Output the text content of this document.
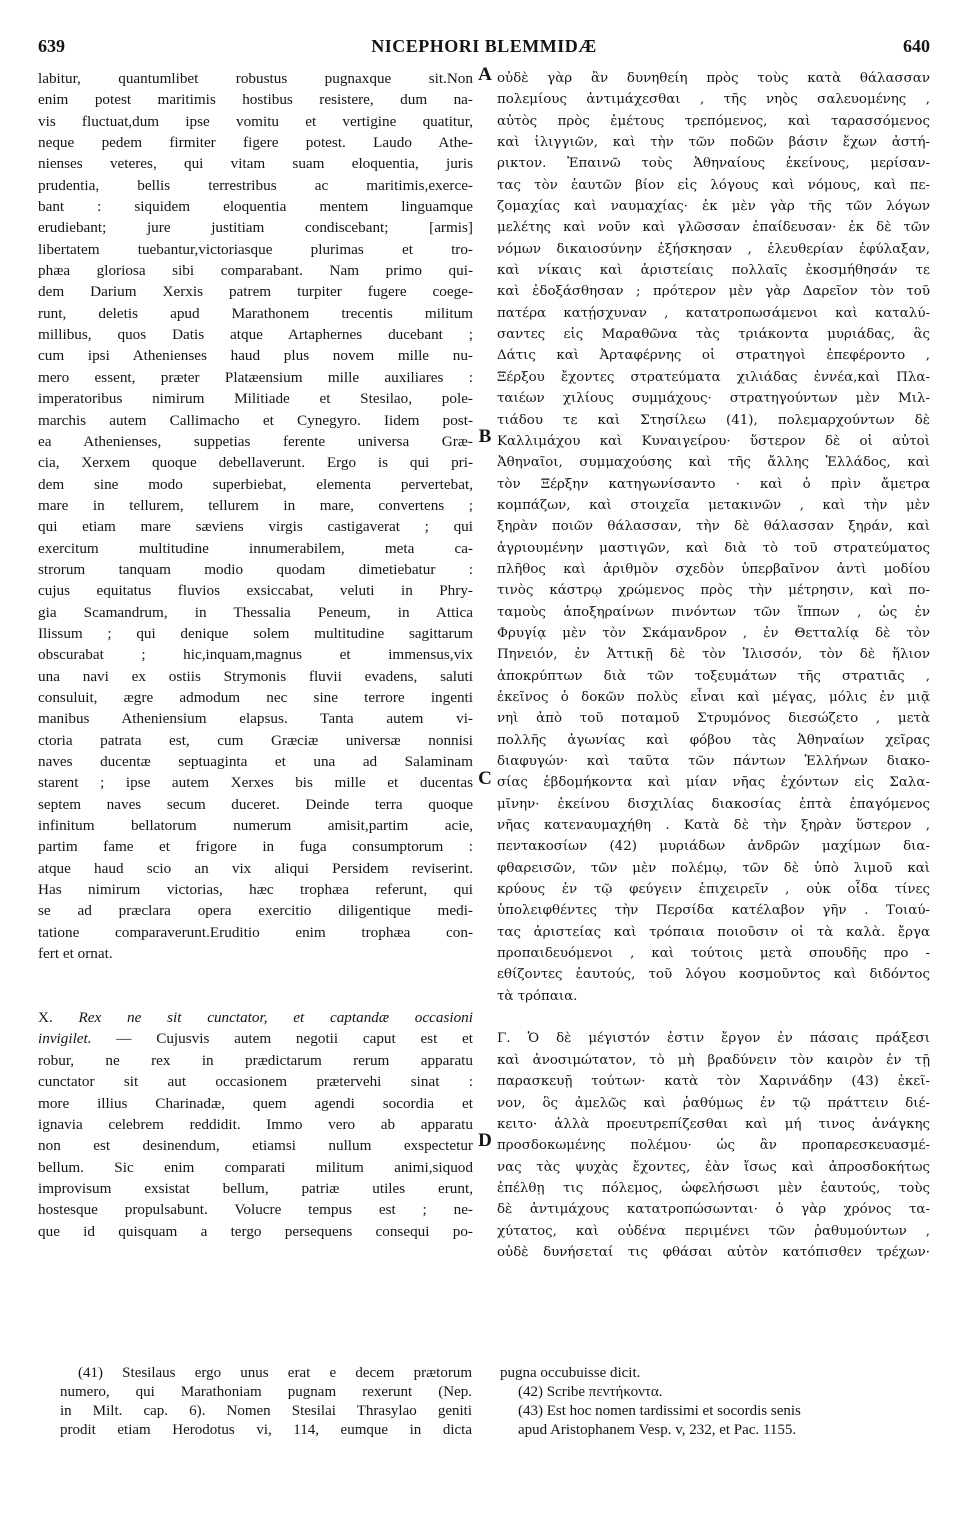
639	NICEPHORI BLEMMIDÆ	640
A
B
C
D
labitur, quantumlibet robustus pugnaxque sit.Non
enim potest maritimis hostibus resistere, dum na-
vis fluctuat,dum ipse vomitu et vertigine quatitur,
neque pedem firmiter figere potest. Laudo Athe-
nienses veteres, qui vitam suam eloquentia, juris
prudentia, bellis terrestribus ac maritimis,exerce-
bant : siquidem eloquentia mentem linguamque
erudiebant; jure justitiam condiscebant; [armis]
libertatem tuebantur,victoriasque plurimas et tro-
phæa gloriosa sibi comparabant. Nam primo qui-
dem Darium Xerxis patrem turpiter fugere coege-
runt, deletis apud Marathonem trecentis militum
millibus, quos Datis atque Artaphernes ducebant ;
cum ipsi Athenienses haud plus novem mille nu-
mero essent, præter Platæensium mille auxiliares :
imperatoribus nimirum Militiade et Stesilao, pole-
marchis autem Callimacho et Cynegyro. Iidem post-
ea Athenienses, suppetias ferente universa Græ-
cia, Xerxem quoque debellaverunt. Ergo is qui pri-
dem sine modo superbiebat, elementa pervertebat,
mare in tellurem, tellurem in mare, convertens ;
qui etiam mare sæviens virgis castigaverat ; qui
exercitum multitudine innumerabilem, meta ca-
strorum tanquam modio quodam dimetiebatur :
cujus equitatus fluvios exsiccabat, veluti in Phry-
gia Scamandrum, in Thessalia Peneum, in Attica
Ilissum ; qui denique solem multitudine sagittarum
obscurabat ; hic,inquam,magnus et immensus,vix
una navi ex ostiis Strymonis fluvii evadens, saluti
consuluit, ægre admodum nec sine terrore ingenti
manibus Atheniensium elapsus. Tanta autem vi-
ctoria patrata est, cum Græciæ universæ nonnisi
naves ducentæ septuaginta et una ad Salaminam
starent ; ipse autem Xerxes bis mille et ducentas
septem naves secum duceret. Deinde terra quoque
infinitum bellatorum numerum amisit,partim acie,
partim fame et frigore in fuga consumptorum :
atque haud scio an vix aliqui Persidem reviserint.
Has nimirum victorias, hæc trophæa referunt, qui
se ad præclara opera exercitio diligentique medi-
tatione comparaverunt.Eruditio enim trophæa con-
fert et ornat.
X. Rex ne sit cunctator, et captandæ occasioni
invigilet. — Cujusvis autem negotii caput est et
robur, ne rex in prædictarum rerum apparatu
cunctator sit aut occasionem prætervehi sinat :
more illius Charinadæ, quem agendi socordia et
ignavia celebrem reddidit. Immo vero ab apparatu
non est desinendum, etiamsi nullum exspectetur
bellum. Sic enim comparati militum animi,siquod
improvisum exsistat bellum, patriæ utiles erunt,
hostesque propulsabunt. Volucre tempus est ; ne-
que id quisquam a tergo persequens consequi po-
οὐδὲ γὰρ ἂν δυνηθείη πρὸς τοὺς κατὰ θάλασσαν
πολεμίους ἀντιμάχεσθαι , τῆς νηὸς σαλευομένης ,
αὐτὸς πρὸς ἐμέτους τρεπόμενος, καὶ ταρασσόμενος
καὶ ἰλιγγιῶν, καὶ τὴν τῶν ποδῶν βάσιν ἔχων ἀστή-
ρικτον. Ἐπαινῶ τοὺς Ἀθηναίους ἐκείνους, μερίσαν-
τας τὸν ἑαυτῶν βίον εἰς λόγους καὶ νόμους, καὶ πε-
ζομαχίας καὶ ναυμαχίας· ἐκ μὲν γὰρ τῆς τῶν λόγων
μελέτης καὶ νοῦν καὶ γλῶσσαν ἐπαίδευσαν· ἐκ δὲ τῶν
νόμων δικαιοσύνην ἐξήσκησαν , ἐλευθερίαν ἐφύλαξαν,
καὶ νίκαις καὶ ἀριστείαις πολλαῖς ἐκοσμήθησάν τε
καὶ ἐδοξάσθησαν ; πρότερον μὲν γὰρ Δαρεῖον τὸν τοῦ
πατέρα κατῄσχυναν , κατατροπωσάμενοι καὶ καταλύ-
σαντες εἰς Μαραθῶνα τὰς τριάκοντα μυριάδας, ἃς
Δάτις καὶ Ἀρταφέρνης οἱ στρατηγοὶ ἐπεφέροντο ,
Ξέρξου ἔχοντες στρατεύματα χιλιάδας ἐννέα,καὶ Πλα-
ταιέων χιλίους συμμάχους· στρατηγούντων μὲν Μιλ-
τιάδου τε καὶ Στησίλεω (41), πολεμαρχούντων δὲ
Καλλιμάχου καὶ Κυναιγείρου· ὕστερον δὲ οἱ αὐτοὶ
Ἀθηναῖοι, συμμαχούσης καὶ τῆς ἄλλης Ἑλλάδος, καὶ
τὸν Ξέρξην κατηγωνίσαντο · καὶ ὁ πρὶν ἄμετρα
κομπάζων, καὶ στοιχεῖα μετακινῶν , καὶ τὴν μὲν
ξηρὰν ποιῶν θάλασσαν, τὴν δὲ θάλασσαν ξηράν, καὶ
ἀγριουμένην μαστιγῶν, καὶ διὰ τὸ τοῦ στρατεύματος
πλῆθος καὶ ἀριθμὸν σχεδὸν ὑπερβαῖνον ἀντὶ μοδίου
τινὸς κάστρῳ χρώμενος πρὸς τὴν μέτρησιν, καὶ πο-
ταμοὺς ἀποξηραίνων πινόντων τῶν ἵππων , ὡς ἐν
Φρυγίᾳ μὲν τὸν Σκάμανδρον , ἐν Θετταλίᾳ δὲ τὸν
Πηνειόν, ἐν Ἀττικῇ δὲ τὸν Ἰλισσόν, τὸν δὲ ἥλιον
ἀποκρύπτων διὰ τῶν τοξευμάτων τῆς στρατιᾶς ,
ἐκεῖνος ὁ δοκῶν πολὺς εἶναι καὶ μέγας, μόλις ἐν μιᾷ
νηὶ ἀπὸ τοῦ ποταμοῦ Στρυμόνος διεσώζετο , μετὰ
πολλῆς ἀγωνίας καὶ φόβου τὰς Ἀθηναίων χεῖρας
διαφυγών· καὶ ταῦτα τῶν πάντων Ἑλλήνων διακο-
σίας ἑβδομήκοντα καὶ μίαν νῆας ἐχόντων εἰς Σαλα-
μῖνην· ἐκείνου δισχιλίας διακοσίας ἑπτὰ ἐπαγόμενος
νῆας κατεναυμαχήθη . Κατὰ δὲ τὴν ξηρὰν ὕστερον ,
πεντακοσίων (42) μυριάδων ἀνδρῶν μαχίμων δια-
φθαρεισῶν, τῶν μὲν πολέμῳ, τῶν δὲ ὑπὸ λιμοῦ καὶ
κρύους ἐν τῷ φεύγειν ἐπιχειρεῖν , οὐκ οἶδα τίνες
ὑπολειφθέντες τὴν Περσίδα κατέλαβον γῆν . Τοιαύ-
τας ἀριστείας καὶ τρόπαια ποιοῦσιν οἱ τὰ καλὰ. ἔργα
προπαιδευόμενοι , καὶ τούτοις μετὰ σπουδῆς προ -
εθίζοντες ἑαυτούς, τοῦ λόγου κοσμοῦντος καὶ διδόντος
τὰ τρόπαια.
Γ. Ὁ δὲ μέγιστόν ἐστιν ἔργον ἐν πάσαις πράξεσι
καὶ ἀνοσιμώτατον, τὸ μὴ βραδύνειν τὸν καιρὸν ἐν τῇ
παρασκευῇ τούτων· κατὰ τὸν Χαρινάδην (43) ἐκεῖ-
νον, ὃς ἀμελῶς καὶ ῥαθύμως ἐν τῷ πράττειν διέ-
κειτο· ἀλλὰ προευτρεπίζεσθαι καὶ μή τινος ἀνάγκης
προσδοκωμένης πολέμου· ὡς ἂν προπαρεσκευασμέ-
νας τὰς ψυχὰς ἔχοντες, ἐὰν ἴσως καὶ ἀπροσδοκήτως
ἐπέλθῃ τις πόλεμος, ὠφελήσωσι μὲν ἑαυτούς, τοὺς
δὲ ἀντιμάχους κατατροπώσωνται· ὁ γὰρ χρόνος τα-
χύτατος, καὶ οὐδένα περιμένει τῶν ῥαθυμούντων ,
οὐδὲ δυνήσεταί τις φθάσαι αὐτὸν κατόπισθεν τρέχων·
(41) Stesilaus ergo unus erat e decem prætorum
numero, qui Marathoniam pugnam rexerunt (Nep.
in Milt. cap. 6). Nomen Stesilai Thrasylao geniti
prodit etiam Herodotus vi, 114, eumque in dicta
pugna occubuisse dicit.
(42) Scribe πεντήκοντα.
(43) Est hoc nomen tardissimi et socordis senis
apud Aristophanem Vesp. v, 232, et Pac. 1155.
